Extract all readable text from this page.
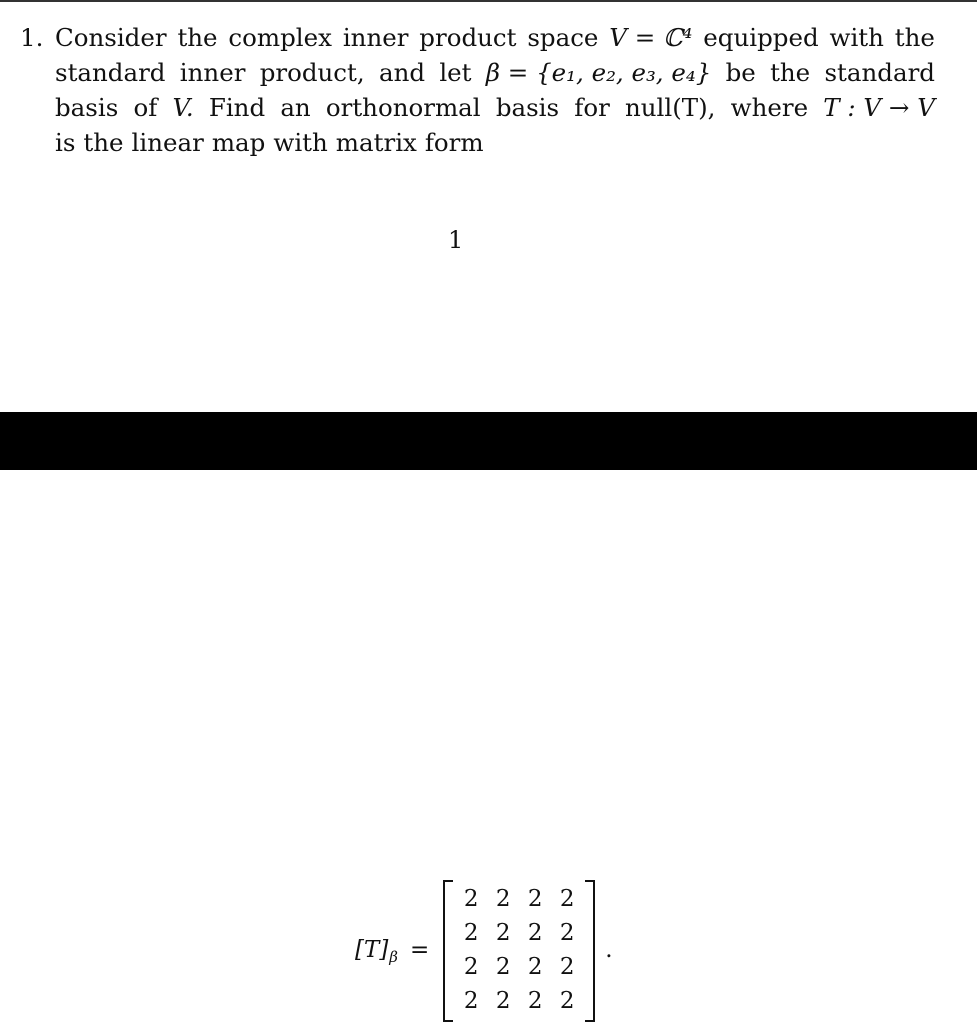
1. Consider the complex inner product space V = ℂ⁴ equipped with the
standard inner product, and let β = {e₁, e₂, e₃, e₄} be the standard
basis of V. Find an orthonormal basis for null(T), where T : V → V
is the linear map with matrix form
1
[T] β =
2 2 2 2
2 2 2 2
2 2 2 2
2 2 2 2
.
